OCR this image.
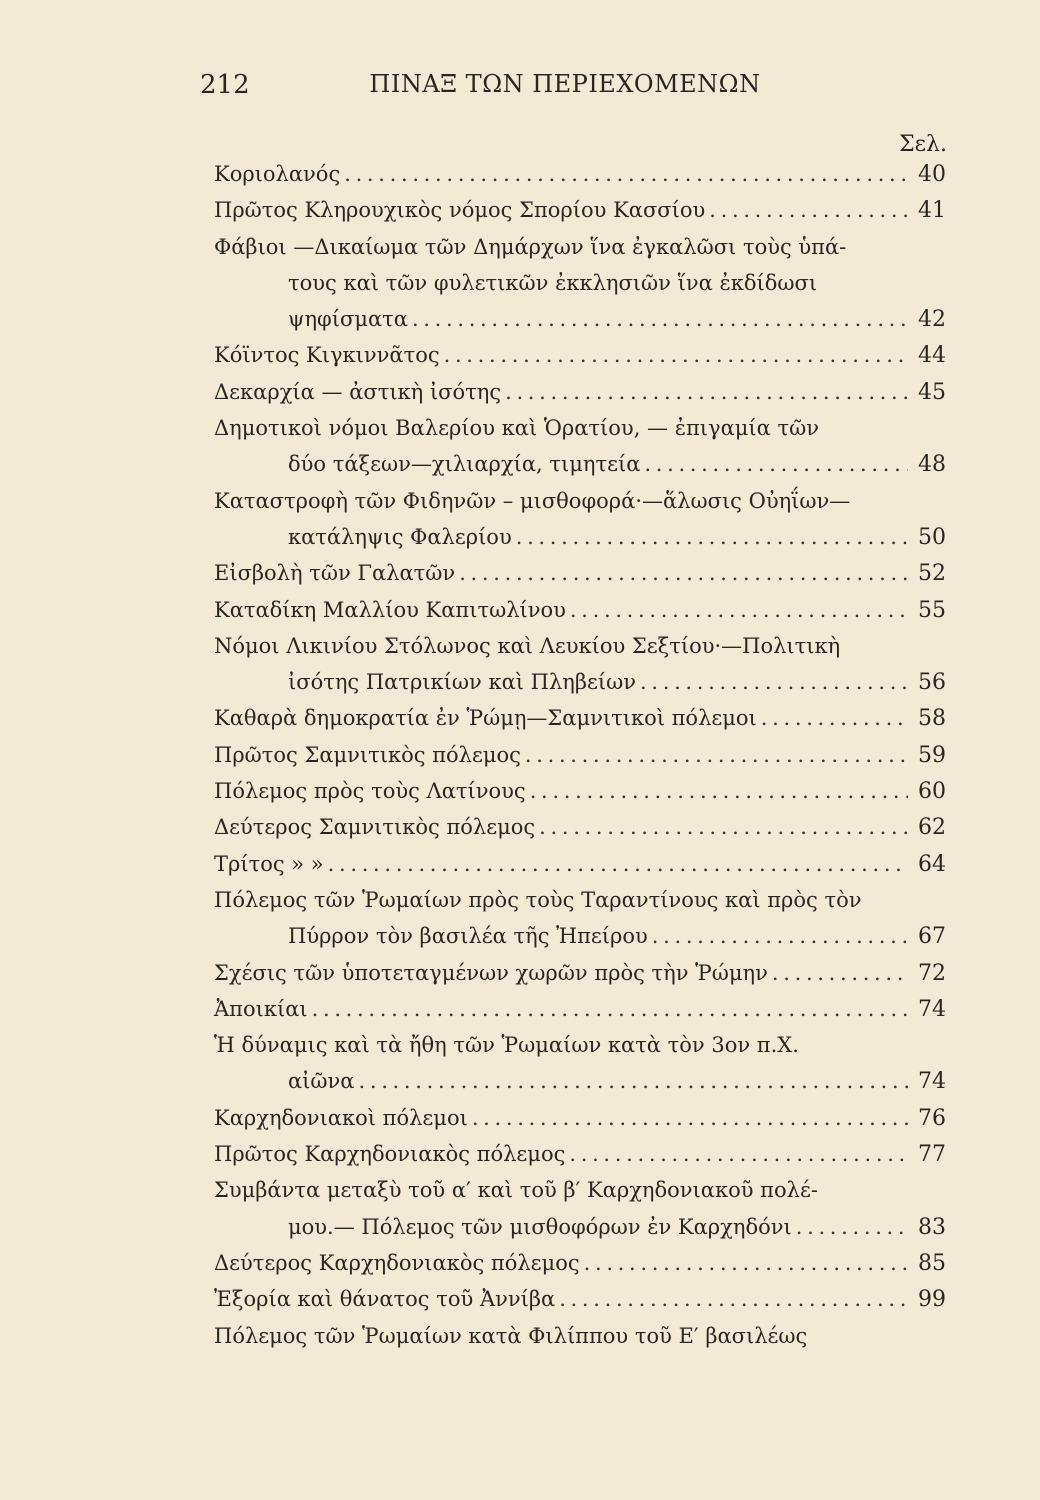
212	ΠΙΝΑΞ ΤΩΝ ΠΕΡΙΕΧΟΜΕΝΩΝ
Σελ.
Κοριολανός . . .	40
Πρῶτος Κληρουχικὸς νόμος Σπορίου Κασσίου . . .	41
Φάβιοι —Δικαίωμα τῶν Δημάρχων ἵνα ἐγκαλῶσι τοὺς ὑπά-
τους καὶ τῶν φυλετικῶν ἐκκλησιῶν ἵνα ἐκδίδωσι
ψηφίσματα . . .	42
Κόϊντος Κιγκιννᾶτος . . .	44
Δεκαρχία — ἀστικὴ ἰσότης . . .	45
Δημοτικοὶ νόμοι Βαλερίου καὶ Ὁρατίου, — ἐπιγαμία τῶν
δύο τάξεων—χιλιαρχία, τιμητεία . . .	48
Καταστροφὴ τῶν Φιδηνῶν – μισθοφορά·—ἅλωσις Οὐηΐων—
κατάληψις Φαλερίου . . .	50
Εἰσβολὴ τῶν Γαλατῶν . . .	52
Καταδίκη Μαλλίου Καπιτωλίνου . . .	55
Νόμοι Λικινίου Στόλωνος καὶ Λευκίου Σεξτίου·—Πολιτικὴ
ἰσότης Πατρικίων καὶ Πληβείων . . .	56
Καθαρὰ δημοκρατία ἐν Ῥώμῃ—Σαμνιτικοὶ πόλεμοι . . .	58
Πρῶτος Σαμνιτικὸς πόλεμος . . .	59
Πόλεμος πρὸς τοὺς Λατίνους . . .	60
Δεύτερος Σαμνιτικὸς πόλεμος . . .	62
Τρίτος » » . . .	64
Πόλεμος τῶν Ῥωμαίων πρὸς τοὺς Ταραντίνους καὶ πρὸς τὸν
Πύρρον τὸν βασιλέα τῆς Ἠπείρου . . .	67
Σχέσις τῶν ὑποτεταγμένων χωρῶν πρὸς τὴν Ῥώμην . . .	72
Ἀποικίαι . . .	74
Ἡ δύναμις καὶ τὰ ἤθη τῶν Ῥωμαίων κατὰ τὸν 3ον π.Χ.
αἰῶνα . . .	74
Καρχηδονιακοὶ πόλεμοι . . .	76
Πρῶτος Καρχηδονιακὸς πόλεμος . . .	77
Συμβάντα μεταξὺ τοῦ α′ καὶ τοῦ β′ Καρχηδονιακοῦ πολέ-
μου.— Πόλεμος τῶν μισθοφόρων ἐν Καρχηδόνι . . .	83
Δεύτερος Καρχηδονιακὸς πόλεμος . . .	85
Ἐξορία καὶ θάνατος τοῦ Ἀννίβα . . .	99
Πόλεμος τῶν Ῥωμαίων κατὰ Φιλίππου τοῦ Ε′ βασιλέως
